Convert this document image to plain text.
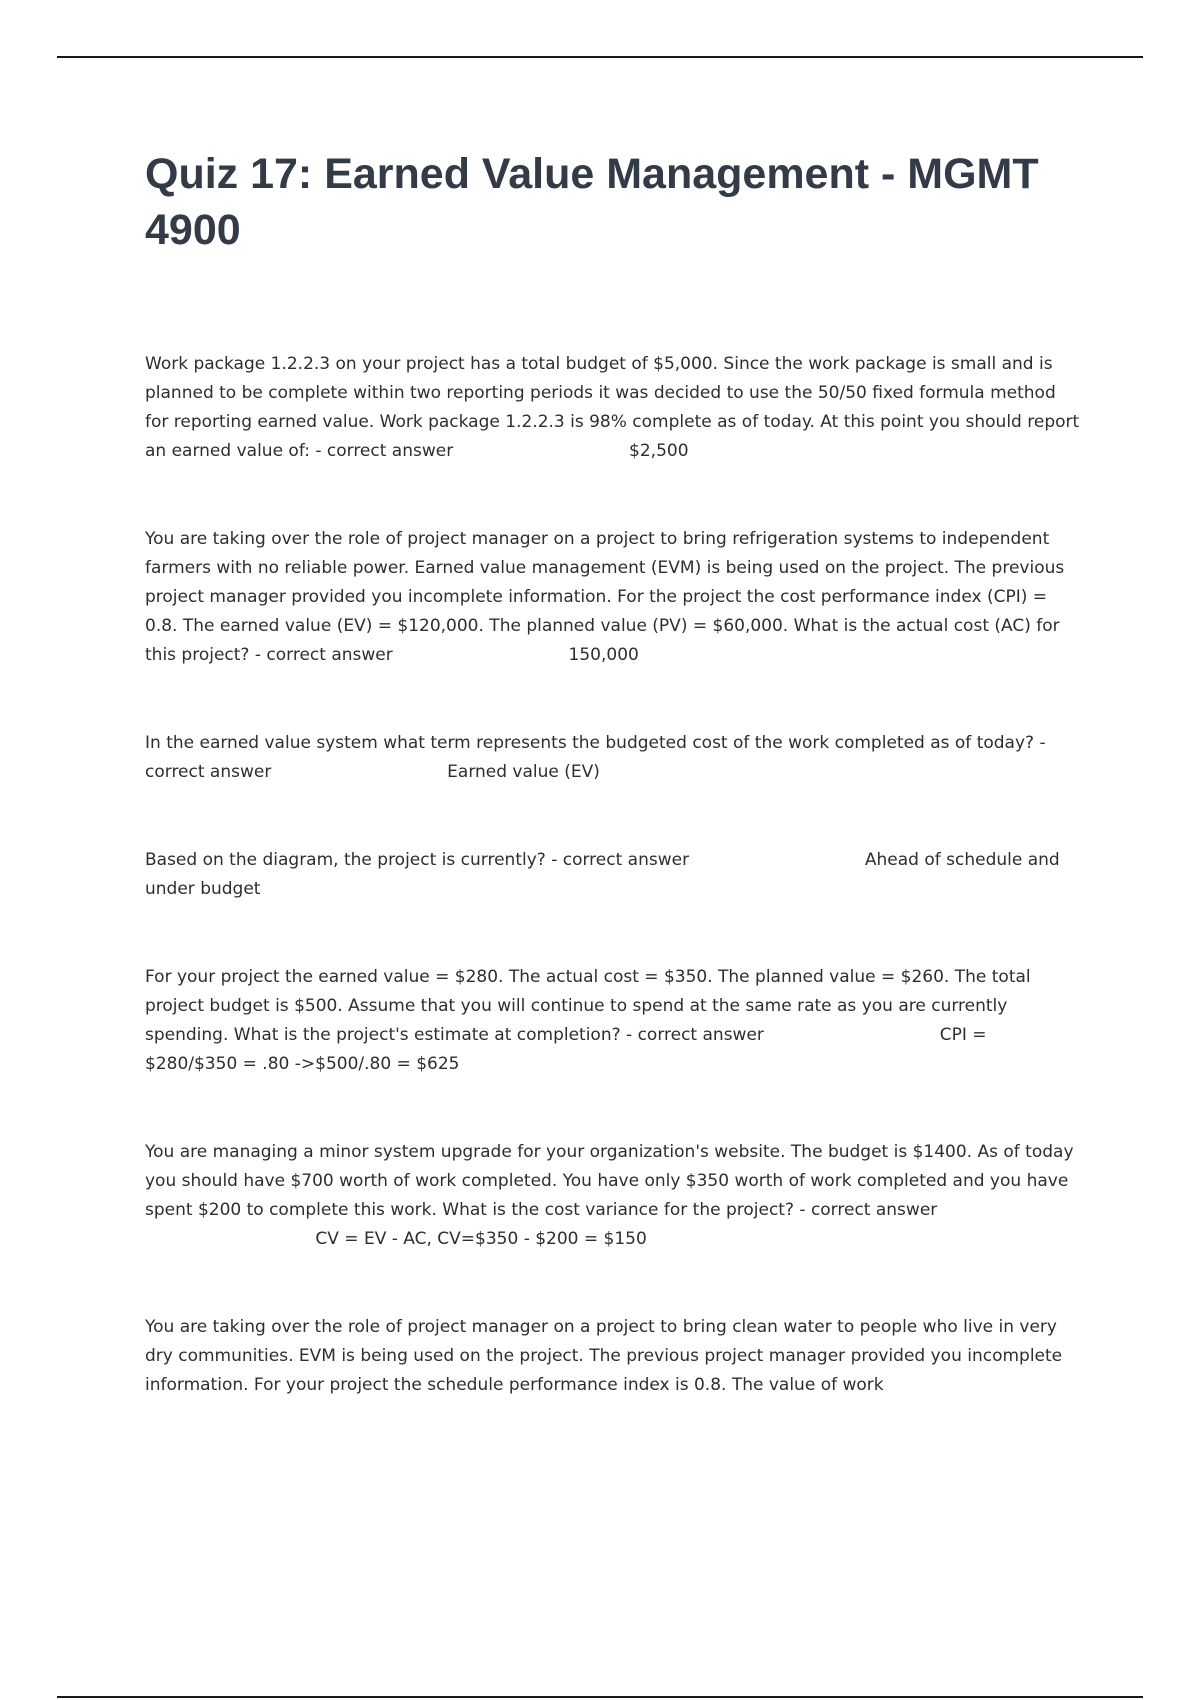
Quiz 17: Earned Value Management - MGMT 4900

Work package 1.2.2.3 on your project has a total budget of $5,000. Since the work package is small and is planned to be complete within two reporting periods it was decided to use the 50/50 fixed formula method for reporting earned value. Work package 1.2.2.3 is 98% complete as of today. At this point you should report an earned value of: - correct answer	$2,500

You are taking over the role of project manager on a project to bring refrigeration systems to independent farmers with no reliable power. Earned value management (EVM) is being used on the project. The previous project manager provided you incomplete information. For the project the cost performance index (CPI) = 0.8. The earned value (EV) = $120,000. The planned value (PV) = $60,000. What is the actual cost (AC) for this project? - correct answer	150,000

In the earned value system what term represents the budgeted cost of the work completed as of today? - correct answer	Earned value (EV)

Based on the diagram, the project is currently? - correct answer	Ahead of schedule and under budget

For your project the earned value = $280. The actual cost = $350. The planned value = $260. The total project budget is $500. Assume that you will continue to spend at the same rate as you are currently spending. What is the project's estimate at completion? - correct answer	CPI = $280/$350 = .80 ->$500/.80 = $625

You are managing a minor system upgrade for your organization's website. The budget is $1400. As of today you should have $700 worth of work completed. You have only $350 worth of work completed and you have spent $200 to complete this work. What is the cost variance for the project? - correct answer  CV = EV - AC, CV=$350 - $200 = $150

You are taking over the role of project manager on a project to bring clean water to people who live in very dry communities. EVM is being used on the project. The previous project manager provided you incomplete information. For your project the schedule performance index is 0.8. The value of work
